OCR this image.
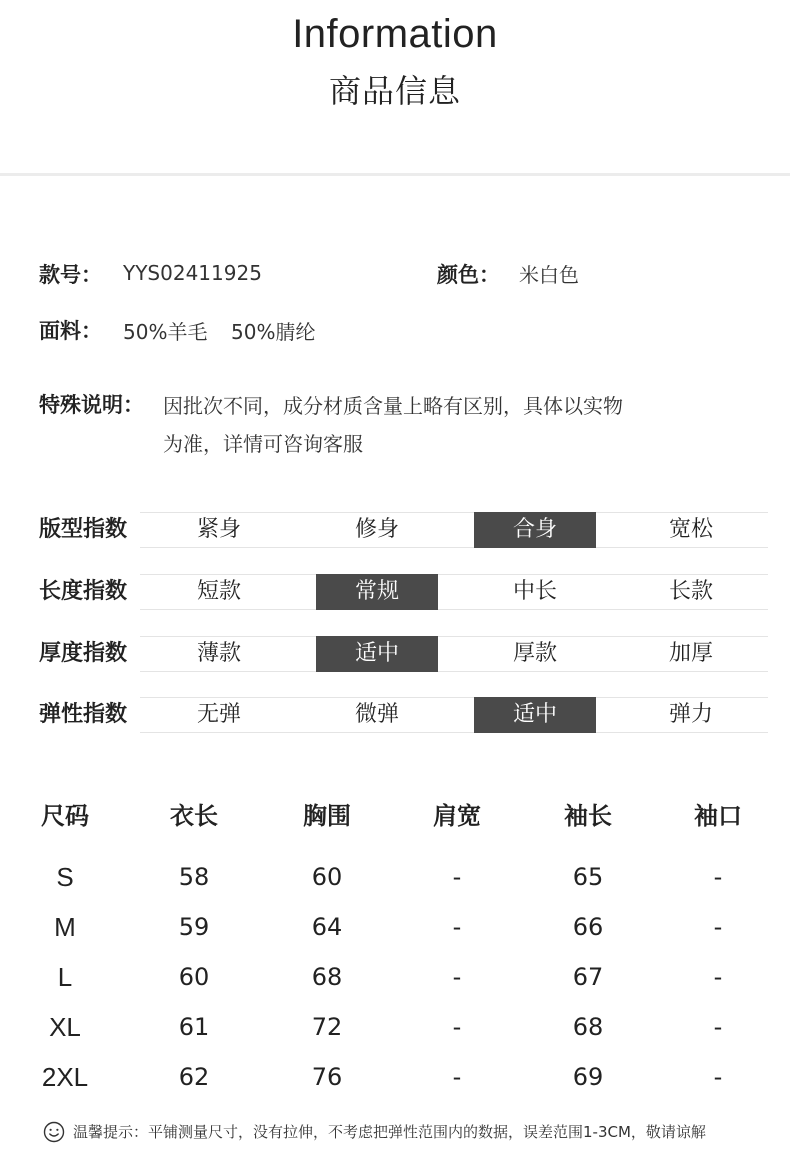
Information
商品信息
款号： YYS02411925	颜色： 米白色
面料： 50%羊毛 50%腈纶
特殊说明： 因批次不同，成分材质含量上略有区别，具体以实物
为准，详情可咨询客服
版型指数	紧身	修身	合身	宽松
长度指数	短款	常规	中长	长款
厚度指数	薄款	适中	厚款	加厚
弹性指数	无弹	微弹	适中	弹力
尺码	衣长	胸围	肩宽	袖长	袖口
S	58	60	-	65	-
M	59	64	-	66	-
L	60	68	-	67	-
XL	61	72	-	68	-
2XL	62	76	-	69	-
温馨提示：平铺测量尺寸，没有拉伸，不考虑把弹性范围内的数据，误差范围1-3CM，敬请谅解
